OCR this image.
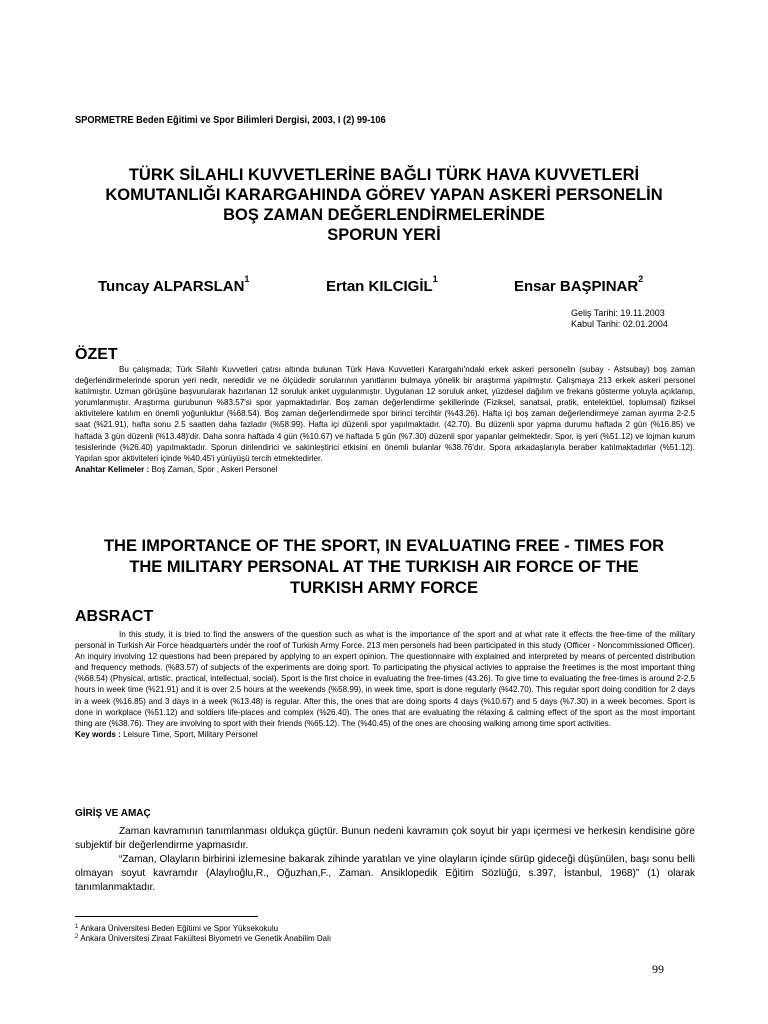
SPORMETRE Beden Eğitimi ve Spor Bilimleri Dergisi, 2003, I (2) 99-106
TÜRK SİLAHLI KUVVETLERİNE BAĞLI TÜRK HAVA KUVVETLERİ
KOMUTANLIĞI KARARGAHINDA GÖREV YAPAN ASKERİ PERSONELİN
BOŞ ZAMAN DEĞERLENDİRMELERİNDE
SPORUN YERİ
Tuncay ALPARSLAN$^1$	Ertan KILCIGİL$^1$	Ensar BAŞPINAR$^2$
Geliş Tarihi: 19.11.2003
Kabul Tarihi: 02.01.2004
ÖZET
Bu çalışmada; Türk Silahlı Kuvvetleri çatısı altında bulunan Türk Hava Kuvvetleri Karargahı'ndaki erkek askeri personelin (subay - Astsubay) boş zaman değerlendirmelerinde sporun yeri nedir, neredidir ve ne ölçüdedir sorularının yanıtlarını bulmaya yönelik bir araştırma yapılmıştır. Çalışmaya 213 erkek askeri personel katılmıştır. Uzman görüşüne başvurularak hazırlanan 12 soruluk anket uygulanmıştır. Uygulanan 12 soruluk anket, yüzdesel dağılım ve frekans gösterme yoluyla açıklanıp, yorumlanmıştır. Araştırma gurubunun %83.57'si spor yapmaktadırlar. Boş zaman değerlendirme şekillerinde (Fiziksel, sanatsal, pratik, entelektüel, toplumsal) fiziksel aktivitelere katılım en önemli yoğunluktur (%68.54). Boş zaman değerlendirmede spor birinci tercihtir (%43.26). Hafta içi boş zaman değerlendirmeye zaman ayırma 2-2.5 saat (%21.91), hafta sonu 2.5 saatten daha fazladır (%58.99). Hafta içi düzenli spor yapılmaktadır. (42.70). Bu düzenli spor yapma durumu haftada 2 gün (%16.85) ve haftada 3 gün düzenli (%13.48)'dir. Daha sonra haftada 4 gün (%10.67) ve haftada 5 gün (%7.30) düzenli spor yapanlar gelmektedir. Spor, iş yeri (%51.12) ve lojman kurum tesislerinde (%26.40) yapılmaktadır. Sporun dinlendirici ve sakinleştirici etkisini en önemli bulanlar %38.76'dır. Spora arkadaşlarıyla beraber katılmaktadırlar (%51.12). Yapılan spor aktiviteleri içinde %40.45'i yürüyüşü tercih etmektedirler.
Anahtar Kelimeler : Boş Zaman, Spor , Askeri Personel
THE IMPORTANCE OF THE SPORT, IN EVALUATING FREE - TIMES FOR
THE MILITARY PERSONAL AT THE TURKISH AIR FORCE OF THE
TURKISH ARMY FORCE
ABSRACT
In this study, it is tried to find the answers of the question such as what is the importance of the sport and at what rate it effects the free-time of the military personal in Turkish Air Force headquarters under the roof of Turkish Army Force. 213 men personels had been participated in this study (Officer - Noncommissioned Officer). An inquiry involving 12 questions had been prepared by applying to an expert opinion. The questionnaire with explained and interpreted by means of percented distribution and frequency methods. (%83.57) of subjects of the experiments are doing sport. To participating the physical activies to appraise the freetimes is the most important thing (%68.54) (Physical, artistic, practical, intellectual, social). Sport is the first choice in evaluating the free-times (43.26). To give time to evaluating the free-times is around 2-2.5 hours in week time (%21.91) and it is over 2.5 hours at the weekends (%58.99), in week time, sport is done regularly (%42.70). This regular sport doing condition for 2 days in a week (%16.85) and 3 days in a week (%13.48) is regular. After this, the ones that are doing sports 4 days (%10.67) and 5 days (%7.30) in a week becomes. Sport is done in workplace (%51.12) and soldiers life-places and complex (%26.40). The ones that are evaluating the relaxing & calming effect of the sport as the most important thing are (%38.76). They are involving to sport with their friends (%65.12). The (%40.45) of the ones are choosing walking among time sport activities.
Key words : Leisure Time, Sport, Military Personel
GİRİŞ VE AMAÇ
Zaman kavramının tanımlanması oldukça güçtür. Bunun nedeni kavramın çok soyut bir yapı içermesi ve herkesin kendisine göre subjektif bir değerlendirme yapmasıdır.
“Zaman, Olayların birbirini izlemesine bakarak zihinde yaratılan ve yine olayların içinde sürüp gideceği düşünülen, başı sonu belli olmayan soyut kavramdır (Alaylıoğlu,R., Oğuzhan,F., Zaman. Ansiklopedik Eğitim Sözlüğü, s.397, İstanbul, 1968)” (1) olarak tanımlanmaktadır.
$^1$ Ankara Üniversitesi Beden Eğitimi ve Spor Yüksekokulu
$^2$ Ankara Üniversitesi Ziraat Fakültesi Biyometri ve Genetik Anabilim Dalı
99
